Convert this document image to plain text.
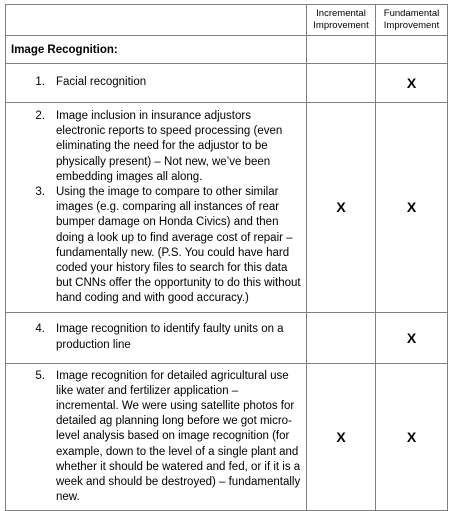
	Incremental Improvement	Fundamental Improvement
Image Recognition:		

1. Facial recognition		X

2. Image inclusion in insurance adjustors electronic reports to speed processing (even eliminating the need for the adjustor to be physically present) – Not new, we’ve been embedding images all along.
3. Using the image to compare to other similar images (e.g. comparing all instances of rear bumper damage on Honda Civics) and then doing a look up to find average cost of repair – fundamentally new. (P.S. You could have hard coded your history files to search for this data but CNNs offer the opportunity to do this without hand coding and with good accuracy.)	X	X

4. Image recognition to identify faulty units on a production line		X

5. Image recognition for detailed agricultural use like water and fertilizer application – incremental. We were using satellite photos for detailed ag planning long before we got micro-level analysis based on image recognition (for example, down to the level of a single plant and whether it should be watered and fed, or if it is a week and should be destroyed) – fundamentally new.	X	X
